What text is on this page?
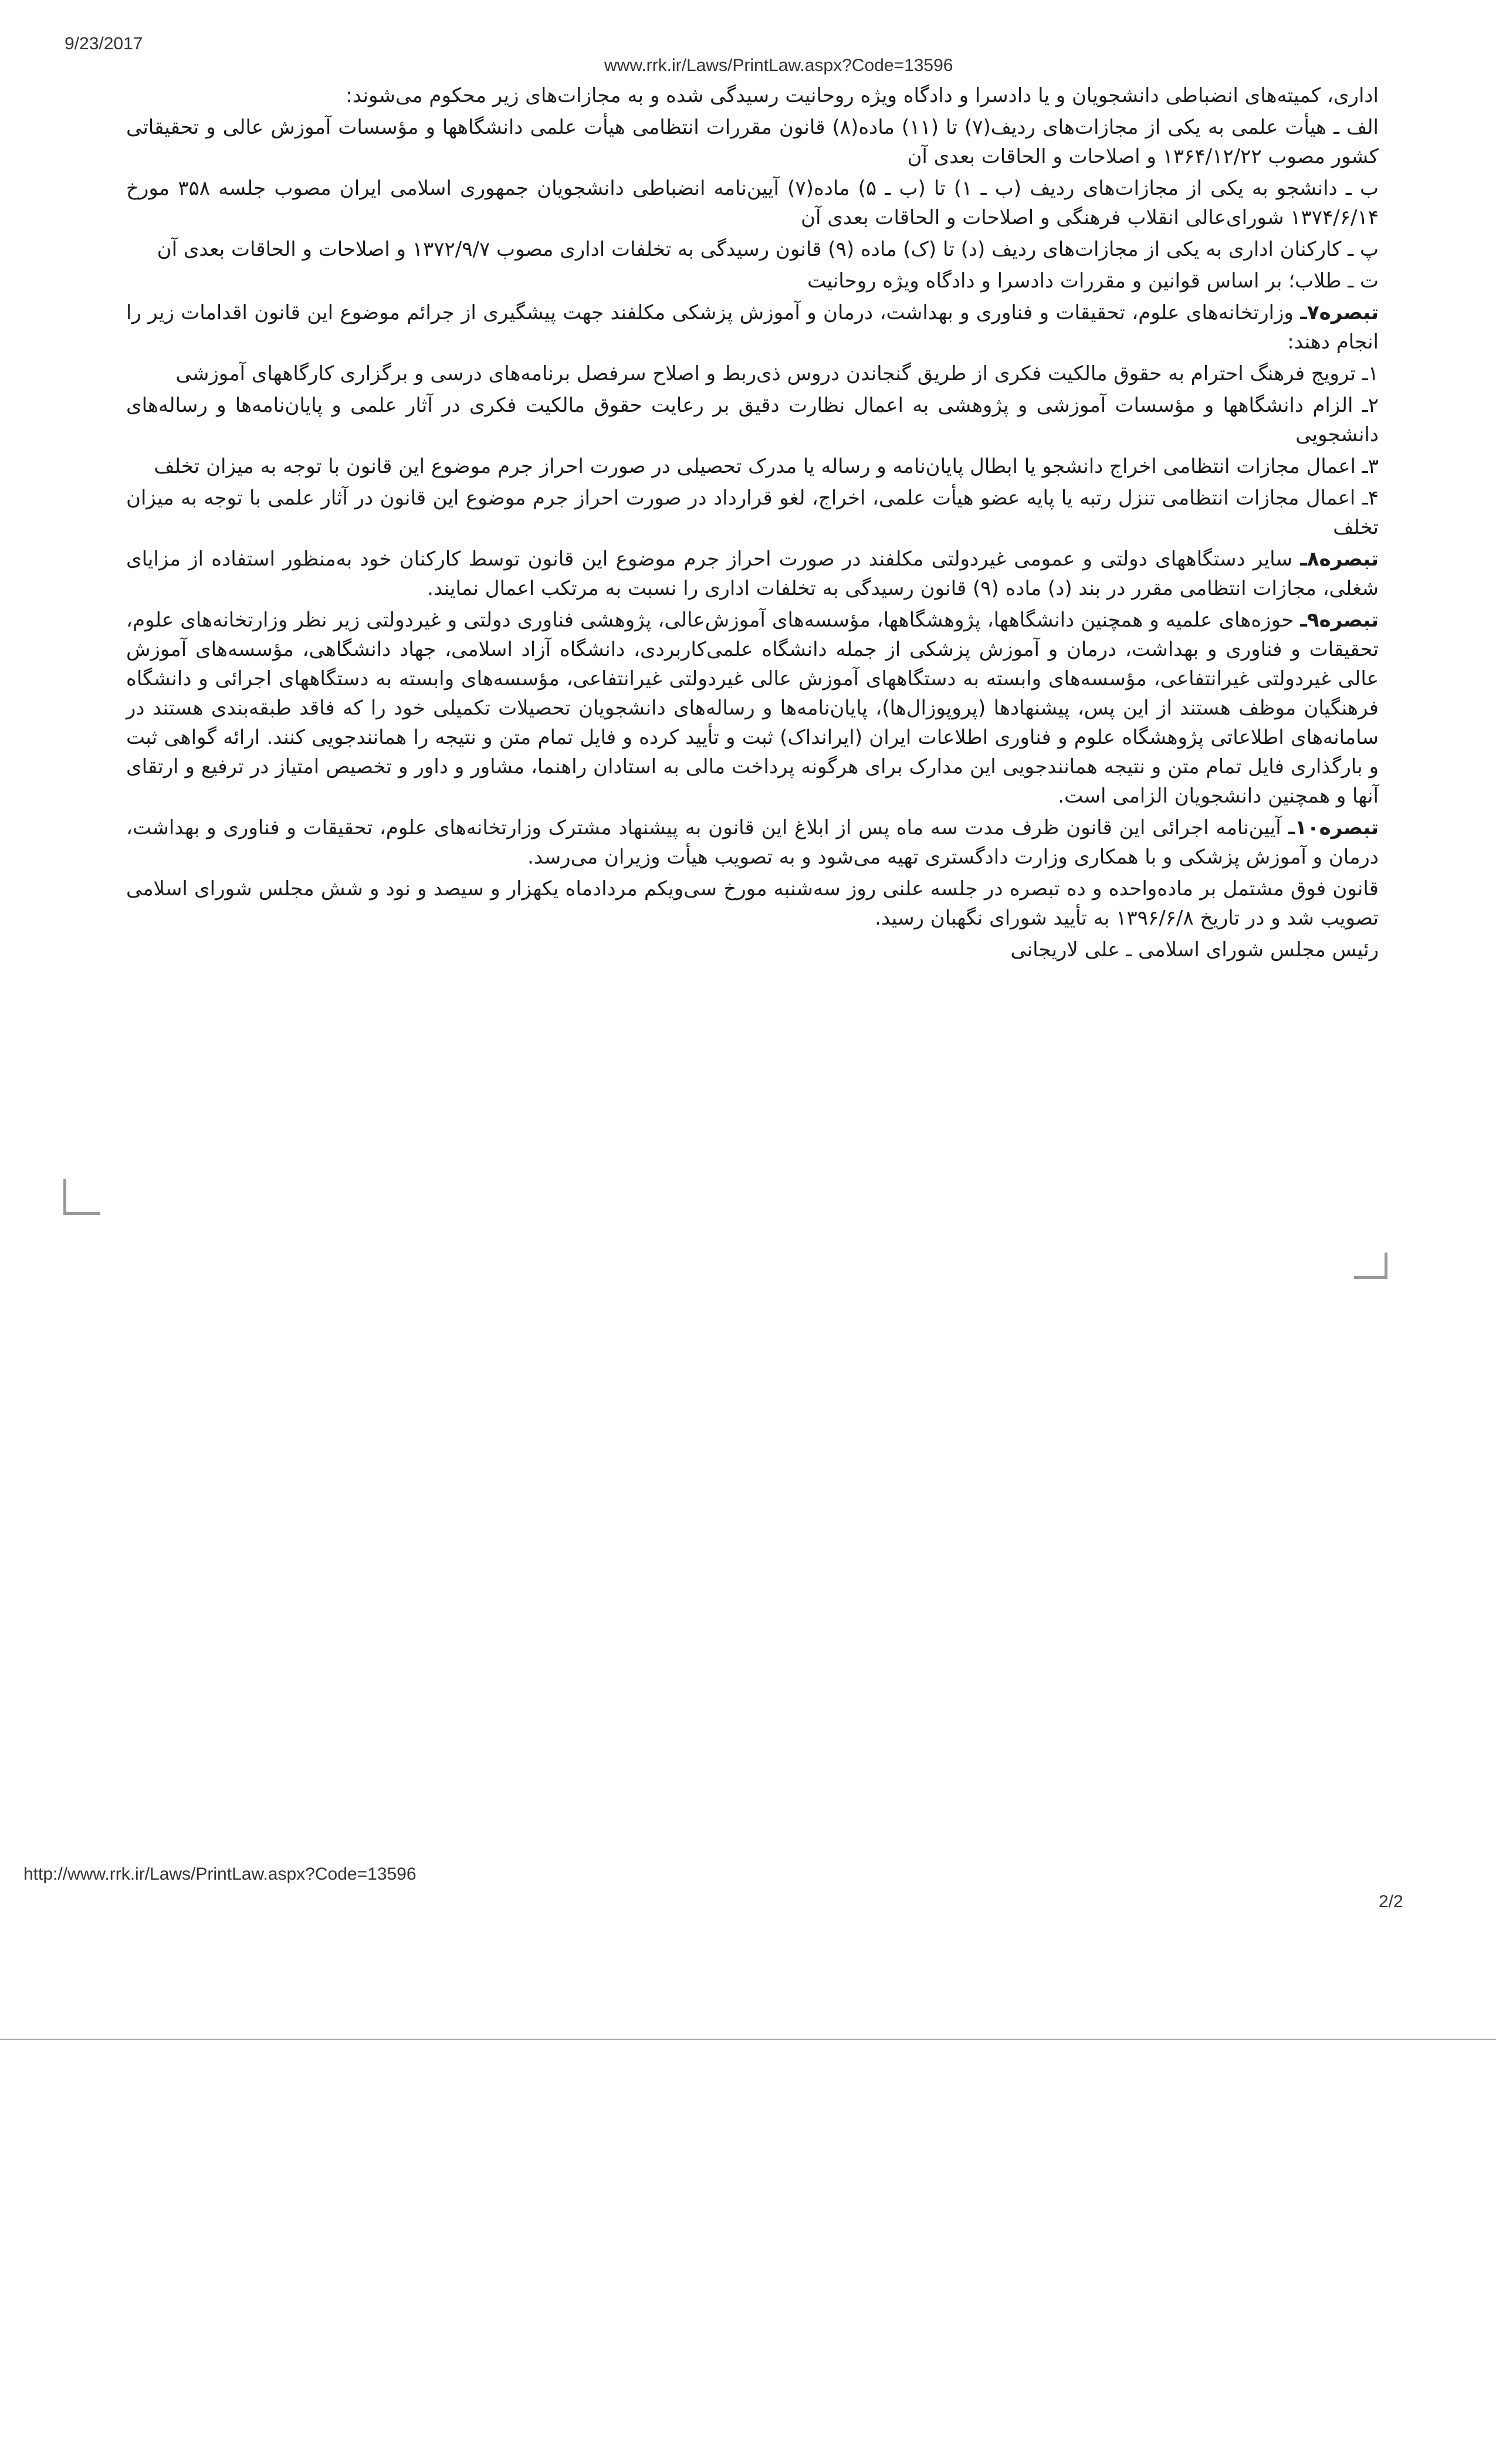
9/23/2017
www.rrk.ir/Laws/PrintLaw.aspx?Code=13596

اداری، کمیته‌های انضباطی دانشجویان و یا دادسرا و دادگاه ویژه روحانیت رسیدگی شده و به مجازات‌های زیر محکوم می‌شوند:

الف ـ هیأت علمی به یکی از مجازات‌های ردیف(۷) تا (۱۱) ماده(۸) قانون مقررات انتظامی هیأت علمی دانشگاهها و مؤسسات آموزش عالی و تحقیقاتی کشور مصوب ۱۳۶۴/۱۲/۲۲ و اصلاحات و الحاقات بعدی آن

ب ـ دانشجو به یکی از مجازات‌های ردیف (ب ـ ۱) تا (ب ـ ۵) ماده(۷) آیین‌نامه انضباطی دانشجویان جمهوری اسلامی ایران مصوب جلسه ۳۵۸ مورخ ۱۳۷۴/۶/۱۴ شورای‌عالی انقلاب فرهنگی و اصلاحات و الحاقات بعدی آن

پ ـ کارکنان اداری به یکی از مجازات‌های ردیف (د) تا (ک) ماده (۹) قانون رسیدگی به تخلفات اداری مصوب ۱۳۷۲/۹/۷ و اصلاحات و الحاقات بعدی آن

ت ـ طلاب؛ بر اساس قوانین و مقررات دادسرا و دادگاه ویژه روحانیت

تبصره۷ـ وزارتخانه‌های علوم، تحقیقات و فناوری و بهداشت، درمان و آموزش پزشکی مکلفند جهت پیشگیری از جرائم موضوع این قانون اقدامات زیر را انجام دهند:

۱ـ ترویج فرهنگ احترام به حقوق مالکیت فکری از طریق گنجاندن دروس ذی‌ربط و اصلاح سرفصل برنامه‌های درسی و برگزاری کارگاههای آموزشی

۲ـ الزام دانشگاهها و مؤسسات آموزشی و پژوهشی به اعمال نظارت دقیق بر رعایت حقوق مالکیت فکری در آثار علمی و پایان‌نامه‌ها و رساله‌های دانشجویی

۳ـ اعمال مجازات انتظامی اخراج دانشجو یا ابطال پایان‌نامه و رساله یا مدرک تحصیلی در صورت احراز جرم موضوع این قانون با توجه به میزان تخلف

۴ـ اعمال مجازات انتظامی تنزل رتبه یا پایه عضو هیأت علمی، اخراج، لغو قرارداد در صورت احراز جرم موضوع این قانون در آثار علمی با توجه به میزان تخلف

تبصره۸ـ سایر دستگاههای دولتی و عمومی غیردولتی مکلفند در صورت احراز جرم موضوع این قانون توسط کارکنان خود به‌منظور استفاده از مزایای شغلی، مجازات انتظامی مقرر در بند (د) ماده (۹) قانون رسیدگی به تخلفات اداری را نسبت به مرتکب اعمال نمایند.

تبصره۹ـ حوزه‌های علمیه و همچنین دانشگاهها، پژوهشگاهها، مؤسسه‌های آموزش‌عالی، پژوهشی فناوری دولتی و غیردولتی زیر نظر وزارتخانه‌های علوم، تحقیقات و فناوری و بهداشت، درمان و آموزش پزشکی از جمله دانشگاه علمی‌کاربردی، دانشگاه آزاد اسلامی، جهاد دانشگاهی، مؤسسه‌های آموزش عالی غیردولتی غیرانتفاعی، مؤسسه‌های وابسته به دستگاههای آموزش عالی غیردولتی غیرانتفاعی، مؤسسه‌های وابسته به دستگاههای اجرائی و دانشگاه فرهنگیان موظف هستند از این پس، پیشنهادها (پروپوزال‌ها)، پایان‌نامه‌ها و رساله‌های دانشجویان تحصیلات تکمیلی خود را که فاقد طبقه‌بندی هستند در سامانه‌های اطلاعاتی پژوهشگاه علوم و فناوری اطلاعات ایران (ایرانداک) ثبت و تأیید کرده و فایل تمام متن و نتیجه را همانندجویی کنند. ارائه گواهی ثبت و بارگذاری فایل تمام متن و نتیجه همانندجویی این مدارک برای هرگونه پرداخت مالی به استادان راهنما، مشاور و داور و تخصیص امتیاز در ترفیع و ارتقای آنها و همچنین دانشجویان الزامی است.

تبصره۱۰ـ آیین‌نامه اجرائی این قانون ظرف مدت سه ماه پس از ابلاغ این قانون به پیشنهاد مشترک وزارتخانه‌های علوم، تحقیقات و فناوری و بهداشت، درمان و آموزش پزشکی و با همکاری وزارت دادگستری تهیه می‌شود و به تصویب هیأت وزیران می‌رسد.

قانون فوق مشتمل بر ماده‌واحده و ده تبصره در جلسه علنی روز سه‌شنبه مورخ سی‌ویکم مردادماه یکهزار و سیصد و نود و شش مجلس شورای اسلامی تصویب شد و در تاریخ ۱۳۹۶/۶/۸ به تأیید شورای نگهبان رسید.

رئیس مجلس شورای اسلامی ـ علی لاریجانی

http://www.rrk.ir/Laws/PrintLaw.aspx?Code=13596
2/2
